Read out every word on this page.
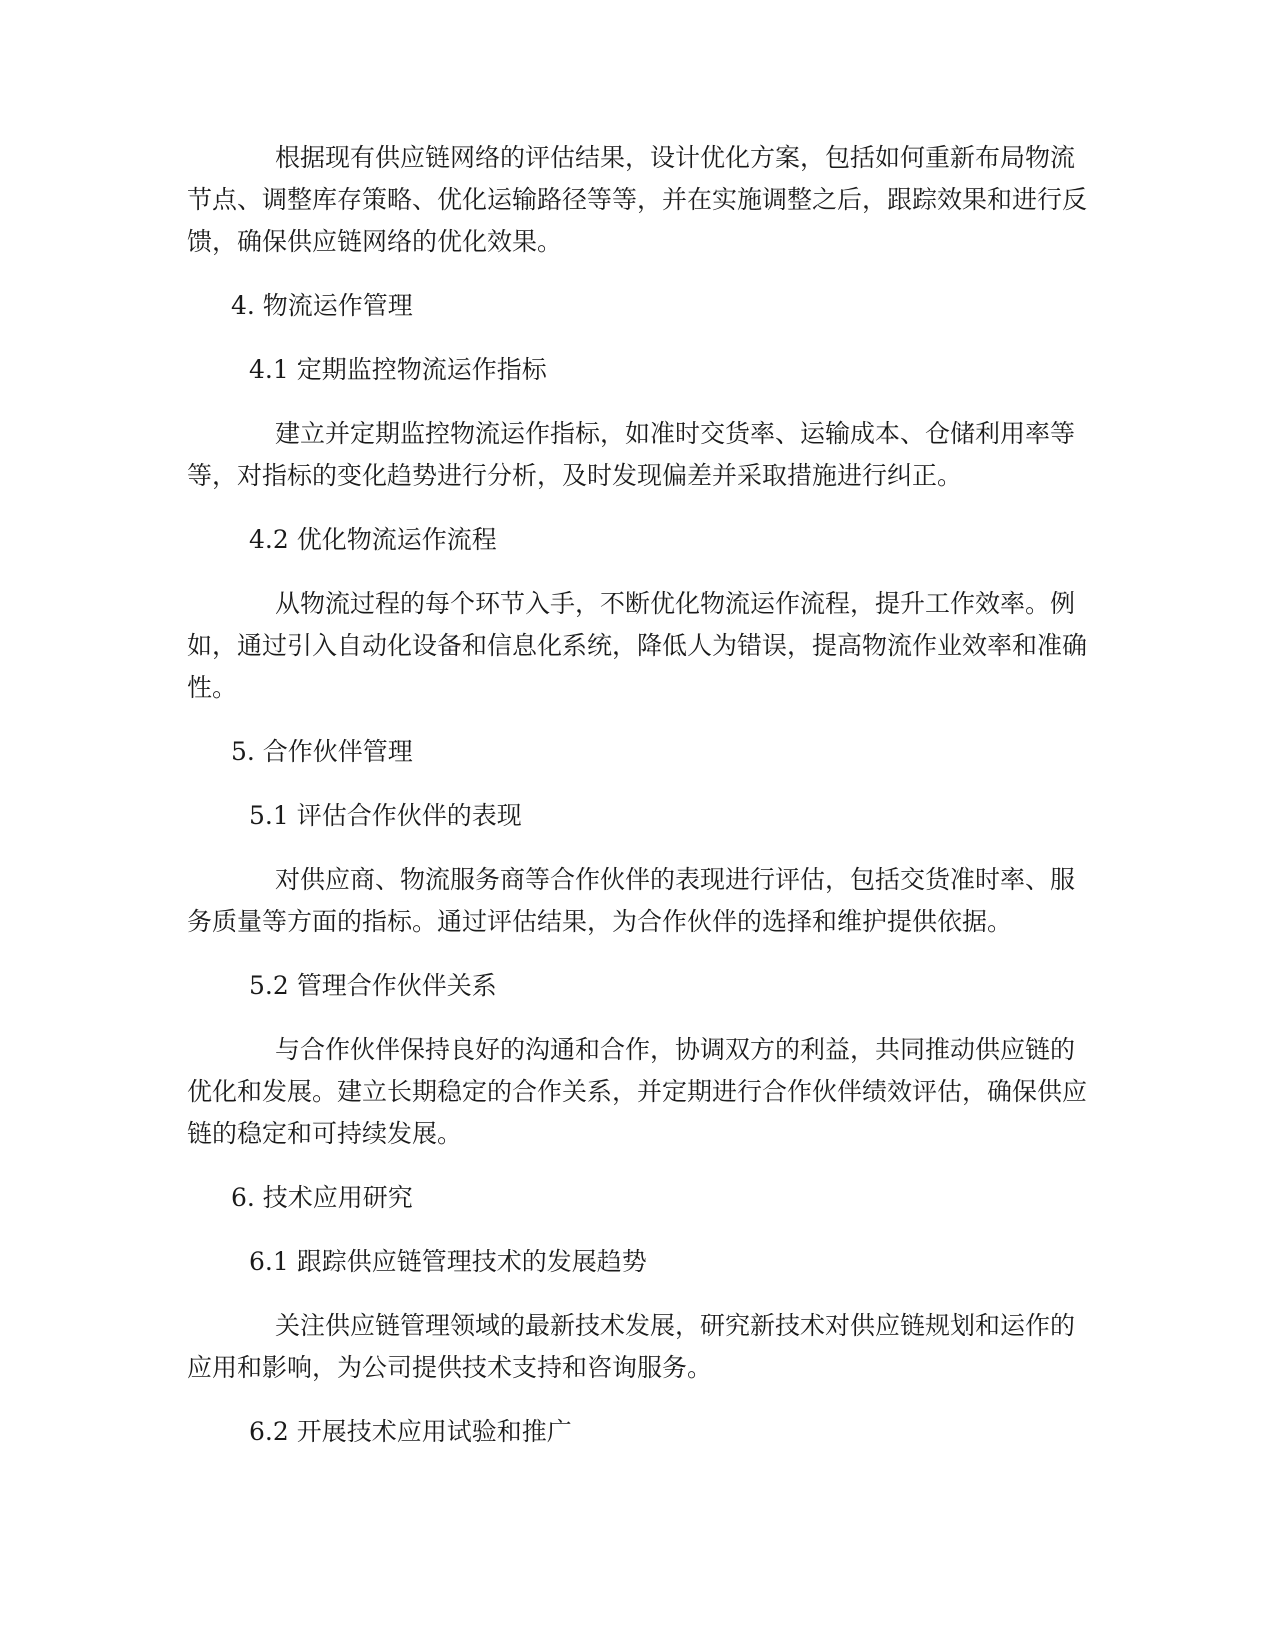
根据现有供应链网络的评估结果，设计优化方案，包括如何重新布局物流节点、调整库存策略、优化运输路径等等，并在实施调整之后，跟踪效果和进行反馈，确保供应链网络的优化效果。

4. 物流运作管理

4.1 定期监控物流运作指标

建立并定期监控物流运作指标，如准时交货率、运输成本、仓储利用率等等，对指标的变化趋势进行分析，及时发现偏差并采取措施进行纠正。

4.2 优化物流运作流程

从物流过程的每个环节入手，不断优化物流运作流程，提升工作效率。例如，通过引入自动化设备和信息化系统，降低人为错误，提高物流作业效率和准确性。

5. 合作伙伴管理

5.1 评估合作伙伴的表现

对供应商、物流服务商等合作伙伴的表现进行评估，包括交货准时率、服务质量等方面的指标。通过评估结果，为合作伙伴的选择和维护提供依据。

5.2 管理合作伙伴关系

与合作伙伴保持良好的沟通和合作，协调双方的利益，共同推动供应链的优化和发展。建立长期稳定的合作关系，并定期进行合作伙伴绩效评估，确保供应链的稳定和可持续发展。

6. 技术应用研究

6.1 跟踪供应链管理技术的发展趋势

关注供应链管理领域的最新技术发展，研究新技术对供应链规划和运作的应用和影响，为公司提供技术支持和咨询服务。

6.2 开展技术应用试验和推广
